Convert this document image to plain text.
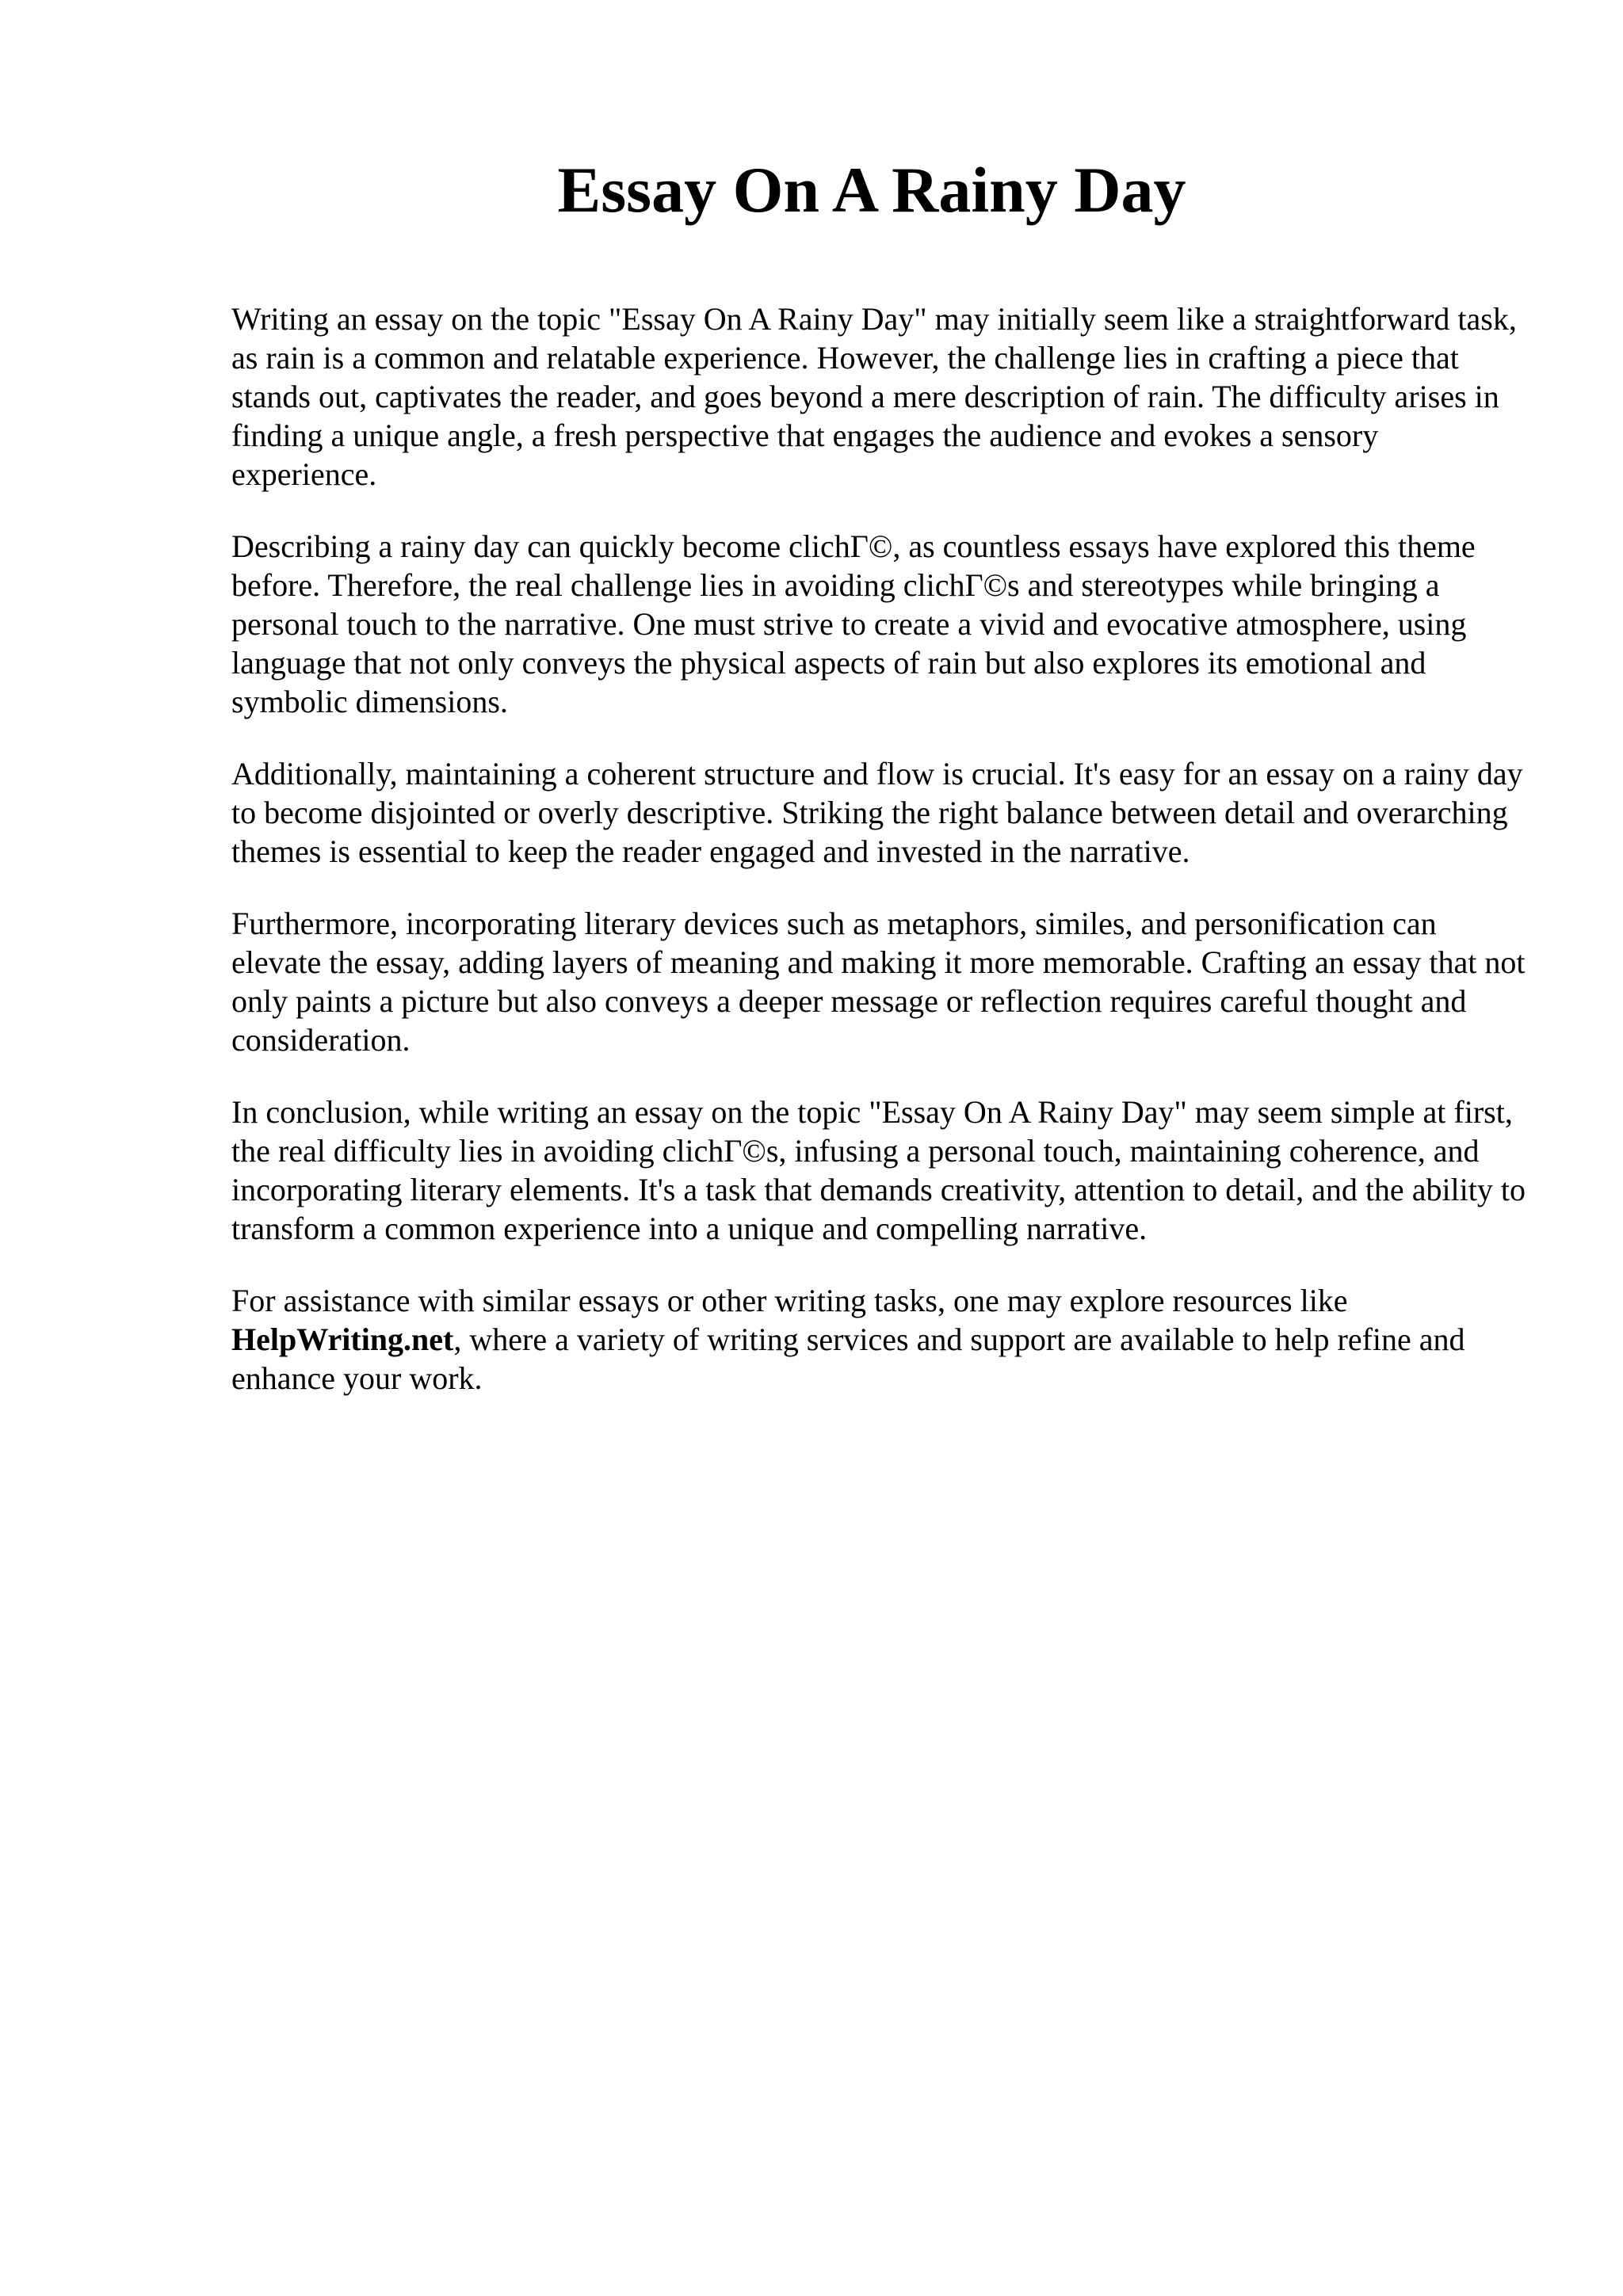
Essay On A Rainy Day

Writing an essay on the topic "Essay On A Rainy Day" may initially seem like a straightforward task, as rain is a common and relatable experience. However, the challenge lies in crafting a piece that stands out, captivates the reader, and goes beyond a mere description of rain. The difficulty arises in finding a unique angle, a fresh perspective that engages the audience and evokes a sensory experience.

Describing a rainy day can quickly become clichΓ©, as countless essays have explored this theme before. Therefore, the real challenge lies in avoiding clichΓ©s and stereotypes while bringing a personal touch to the narrative. One must strive to create a vivid and evocative atmosphere, using language that not only conveys the physical aspects of rain but also explores its emotional and symbolic dimensions.

Additionally, maintaining a coherent structure and flow is crucial. It's easy for an essay on a rainy day to become disjointed or overly descriptive. Striking the right balance between detail and overarching themes is essential to keep the reader engaged and invested in the narrative.

Furthermore, incorporating literary devices such as metaphors, similes, and personification can elevate the essay, adding layers of meaning and making it more memorable. Crafting an essay that not only paints a picture but also conveys a deeper message or reflection requires careful thought and consideration.

In conclusion, while writing an essay on the topic "Essay On A Rainy Day" may seem simple at first, the real difficulty lies in avoiding clichΓ©s, infusing a personal touch, maintaining coherence, and incorporating literary elements. It's a task that demands creativity, attention to detail, and the ability to transform a common experience into a unique and compelling narrative.

For assistance with similar essays or other writing tasks, one may explore resources like HelpWriting.net, where a variety of writing services and support are available to help refine and enhance your work.
